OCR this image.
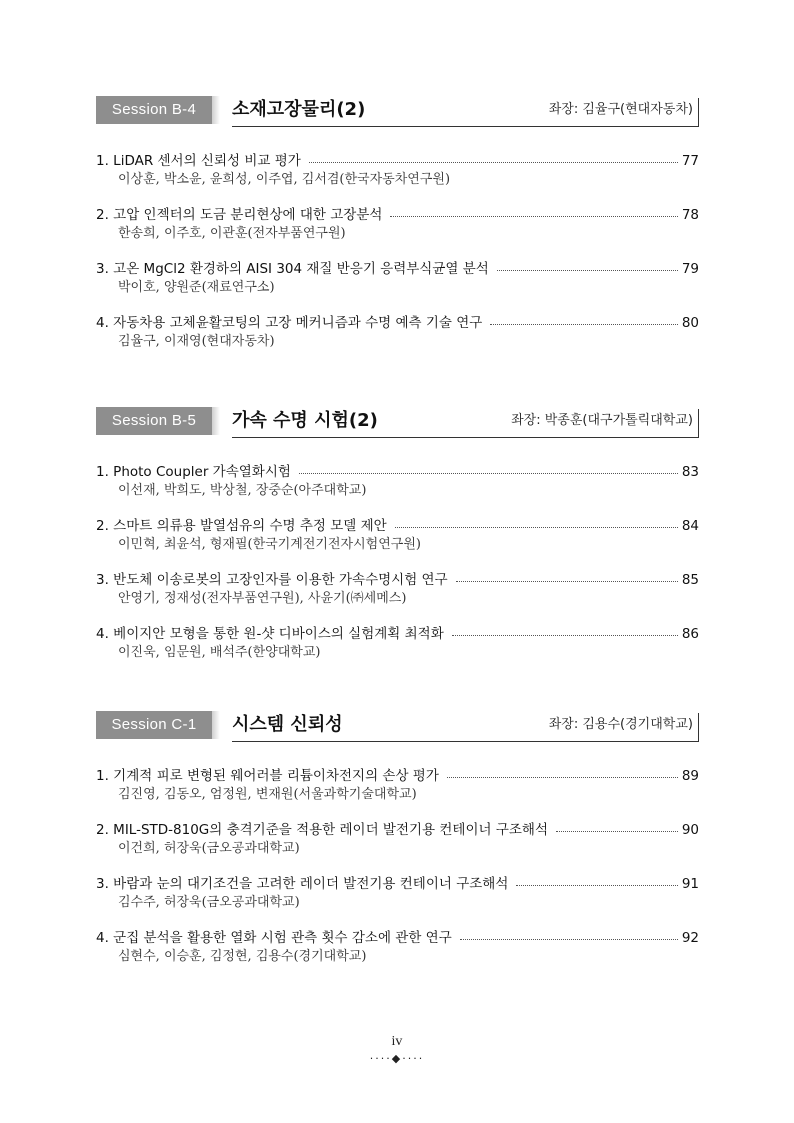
Session B-4	소재고장물리(2)	좌장: 김율구(현대자동차)
1. LiDAR 센서의 신뢰성 비교 평가	77
이상훈, 박소윤, 윤희성, 이주엽, 김서겸(한국자동차연구원)
2. 고압 인젝터의 도금 분리현상에 대한 고장분석	78
한송희, 이주호, 이관훈(전자부품연구원)
3. 고온 MgCl2 환경하의 AISI 304 재질 반응기 응력부식균열 분석	79
박이호, 양원준(재료연구소)
4. 자동차용 고체윤활코팅의 고장 메커니즘과 수명 예측 기술 연구	80
김율구, 이재영(현대자동차)
Session B-5	가속 수명 시험(2)	좌장: 박종훈(대구가톨릭대학교)
1. Photo Coupler 가속열화시험	83
이선재, 박희도, 박상철, 장중순(아주대학교)
2. 스마트 의류용 발열섬유의 수명 추정 모델 제안	84
이민혁, 최윤석, 형재필(한국기계전기전자시험연구원)
3. 반도체 이송로봇의 고장인자를 이용한 가속수명시험 연구	85
안영기, 정재성(전자부품연구원), 사윤기(㈜세메스)
4. 베이지안 모형을 통한 원-샷 디바이스의 실험계획 최적화	86
이진욱, 임문원, 배석주(한양대학교)
Session C-1	시스템 신뢰성	좌장: 김용수(경기대학교)
1. 기계적 피로 변형된 웨어러블 리튬이차전지의 손상 평가	89
김진영, 김동오, 엄정원, 변재원(서울과학기술대학교)
2. MIL-STD-810G의 충격기준을 적용한 레이더 발전기용 컨테이너 구조해석	90
이건희, 허장욱(금오공과대학교)
3. 바람과 눈의 대기조건을 고려한 레이더 발전기용 컨테이너 구조해석	91
김수주, 허장욱(금오공과대학교)
4. 군집 분석을 활용한 열화 시험 관측 횟수 감소에 관한 연구	92
심현수, 이승훈, 김정현, 김용수(경기대학교)
iv
····◆····
